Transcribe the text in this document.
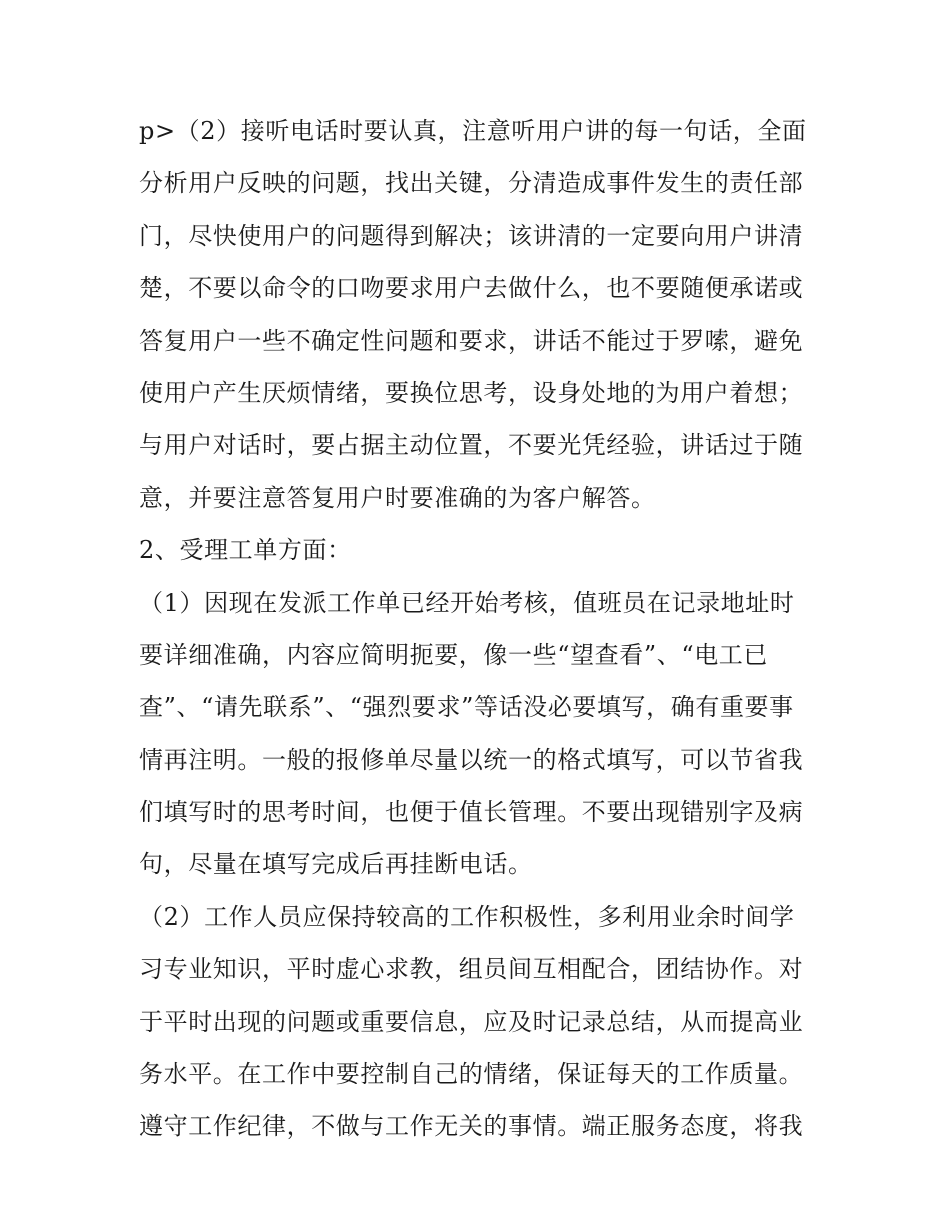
p>（2）接听电话时要认真，注意听用户讲的每一句话，全面
分析用户反映的问题，找出关键，分清造成事件发生的责任部
门，尽快使用户的问题得到解决；该讲清的一定要向用户讲清
楚，不要以命令的口吻要求用户去做什么，也不要随便承诺或
答复用户一些不确定性问题和要求，讲话不能过于罗嗦，避免
使用户产生厌烦情绪，要换位思考，设身处地的为用户着想；
与用户对话时，要占据主动位置，不要光凭经验，讲话过于随
意，并要注意答复用户时要准确的为客户解答。
2、受理工单方面：
（1）因现在发派工作单已经开始考核，值班员在记录地址时
要详细准确，内容应简明扼要，像一些“望查看”、“电工已
查”、“请先联系”、“强烈要求”等话没必要填写，确有重要事
情再注明。一般的报修单尽量以统一的格式填写，可以节省我
们填写时的思考时间，也便于值长管理。不要出现错别字及病
句，尽量在填写完成后再挂断电话。
（2）工作人员应保持较高的工作积极性，多利用业余时间学
习专业知识，平时虚心求教，组员间互相配合，团结协作。对
于平时出现的问题或重要信息，应及时记录总结，从而提高业
务水平。在工作中要控制自己的情绪，保证每天的工作质量。
遵守工作纪律，不做与工作无关的事情。端正服务态度，将我
